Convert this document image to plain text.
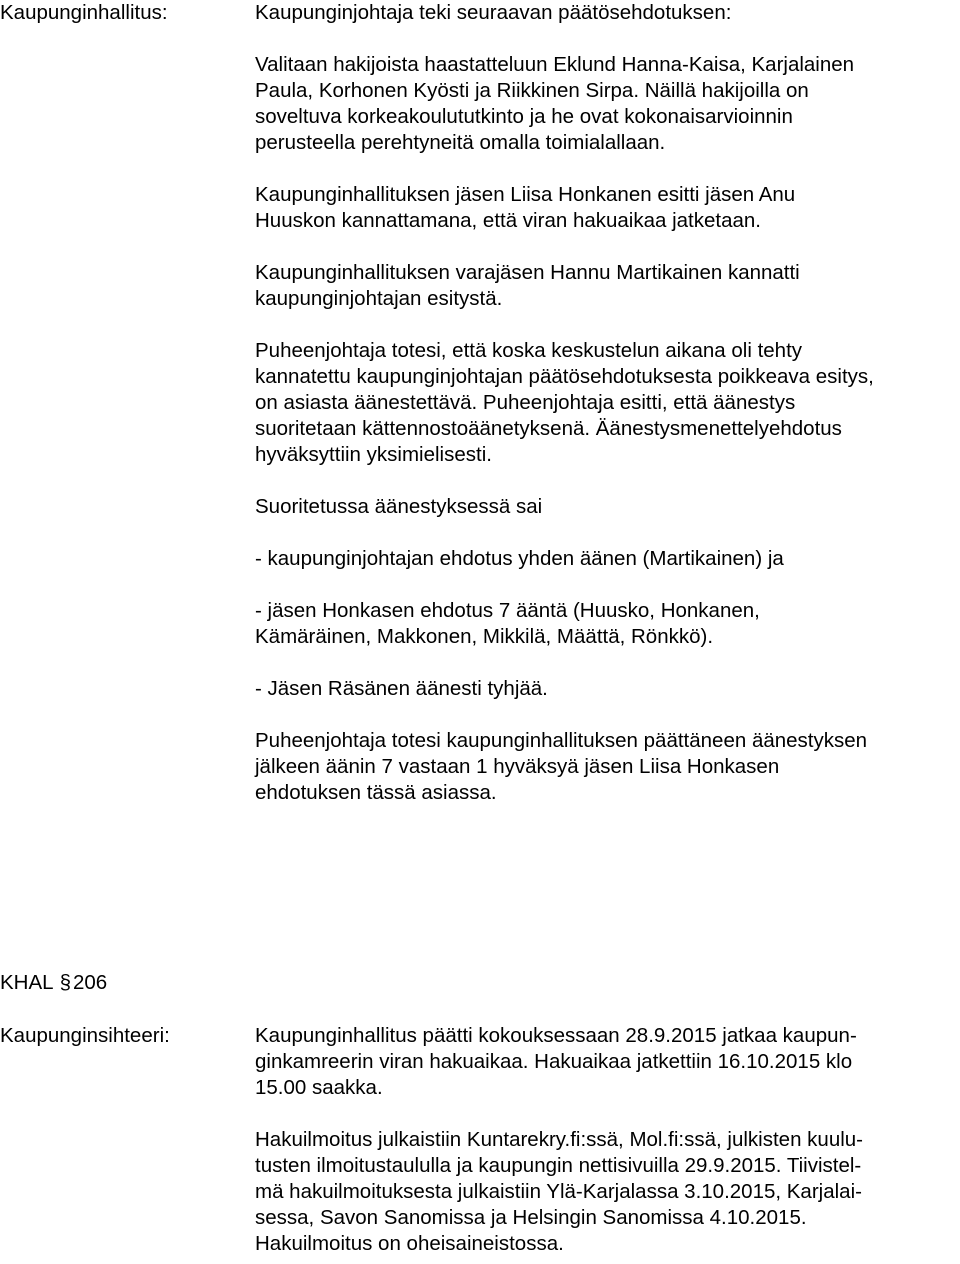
Kaupunginhallitus:	Kaupunginjohtaja teki seuraavan päätösehdotuksen:
Valitaan hakijoista haastatteluun Eklund Hanna-Kaisa, Karjalainen
Paula, Korhonen Kyösti ja Riikkinen Sirpa. Näillä hakijoilla on
soveltuva korkeakoulututkinto ja he ovat kokonaisarvioinnin
perusteella perehtyneitä omalla toimialallaan.
Kaupunginhallituksen jäsen Liisa Honkanen esitti jäsen Anu
Huuskon kannattamana, että viran hakuaikaa jatketaan.
Kaupunginhallituksen varajäsen Hannu Martikainen kannatti
kaupunginjohtajan esitystä.
Puheenjohtaja totesi, että koska keskustelun aikana oli tehty
kannatettu kaupunginjohtajan päätösehdotuksesta poikkeava esitys,
on asiasta äänestettävä. Puheenjohtaja esitti, että äänestys
suoritetaan kättennostoäänetyksenä. Äänestysmenettelyehdotus
hyväksyttiin yksimielisesti.
Suoritetussa äänestyksessä sai
- kaupunginjohtajan ehdotus yhden äänen (Martikainen) ja
- jäsen Honkasen ehdotus 7 ääntä (Huusko, Honkanen,
Kämäräinen, Makkonen, Mikkilä, Määttä, Rönkkö).
- Jäsen Räsänen äänesti tyhjää.
Puheenjohtaja totesi kaupunginhallituksen päättäneen äänestyksen
jälkeen äänin 7 vastaan 1 hyväksyä jäsen Liisa Honkasen
ehdotuksen tässä asiassa.
KHAL §206
Kaupunginsihteeri:	Kaupunginhallitus päätti kokouksessaan 28.9.2015 jatkaa kaupun-
ginkamreerin viran hakuaikaa. Hakuaikaa jatkettiin 16.10.2015 klo
15.00 saakka.
Hakuilmoitus julkaistiin Kuntarekry.fi:ssä, Mol.fi:ssä, julkisten kuulu-
tusten ilmoitustaululla ja kaupungin nettisivuilla 29.9.2015. Tiivistel-
mä hakuilmoituksesta julkaistiin Ylä-Karjalassa 3.10.2015, Karjalai-
sessa, Savon Sanomissa ja Helsingin Sanomissa 4.10.2015.
Hakuilmoitus on oheisaineistossa.
